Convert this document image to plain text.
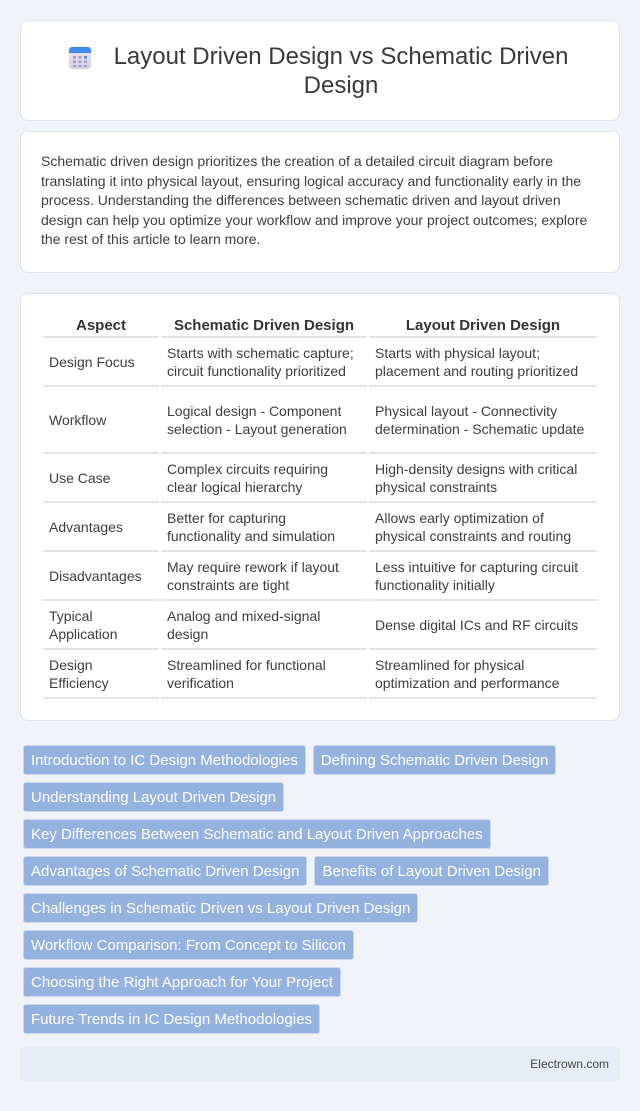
Layout Driven Design vs Schematic Driven Design

Schematic driven design prioritizes the creation of a detailed circuit diagram before translating it into physical layout, ensuring logical accuracy and functionality early in the process. Understanding the differences between schematic driven and layout driven design can help you optimize your workflow and improve your project outcomes; explore the rest of this article to learn more.

Aspect	Schematic Driven Design	Layout Driven Design
Design Focus	Starts with schematic capture; circuit functionality prioritized	Starts with physical layout; placement and routing prioritized
Workflow	Logical design - Component selection - Layout generation	Physical layout - Connectivity determination - Schematic update
Use Case	Complex circuits requiring clear logical hierarchy	High-density designs with critical physical constraints
Advantages	Better for capturing functionality and simulation	Allows early optimization of physical constraints and routing
Disadvantages	May require rework if layout constraints are tight	Less intuitive for capturing circuit functionality initially
Typical Application	Analog and mixed-signal design	Dense digital ICs and RF circuits
Design Efficiency	Streamlined for functional verification	Streamlined for physical optimization and performance
Introduction to IC Design Methodologies	Defining Schematic Driven Design
Understanding Layout Driven Design
Key Differences Between Schematic and Layout Driven Approaches
Advantages of Schematic Driven Design	Benefits of Layout Driven Design
Challenges in Schematic Driven vs Layout Driven Design
Workflow Comparison: From Concept to Silicon
Choosing the Right Approach for Your Project
Future Trends in IC Design Methodologies
Electrown.com
